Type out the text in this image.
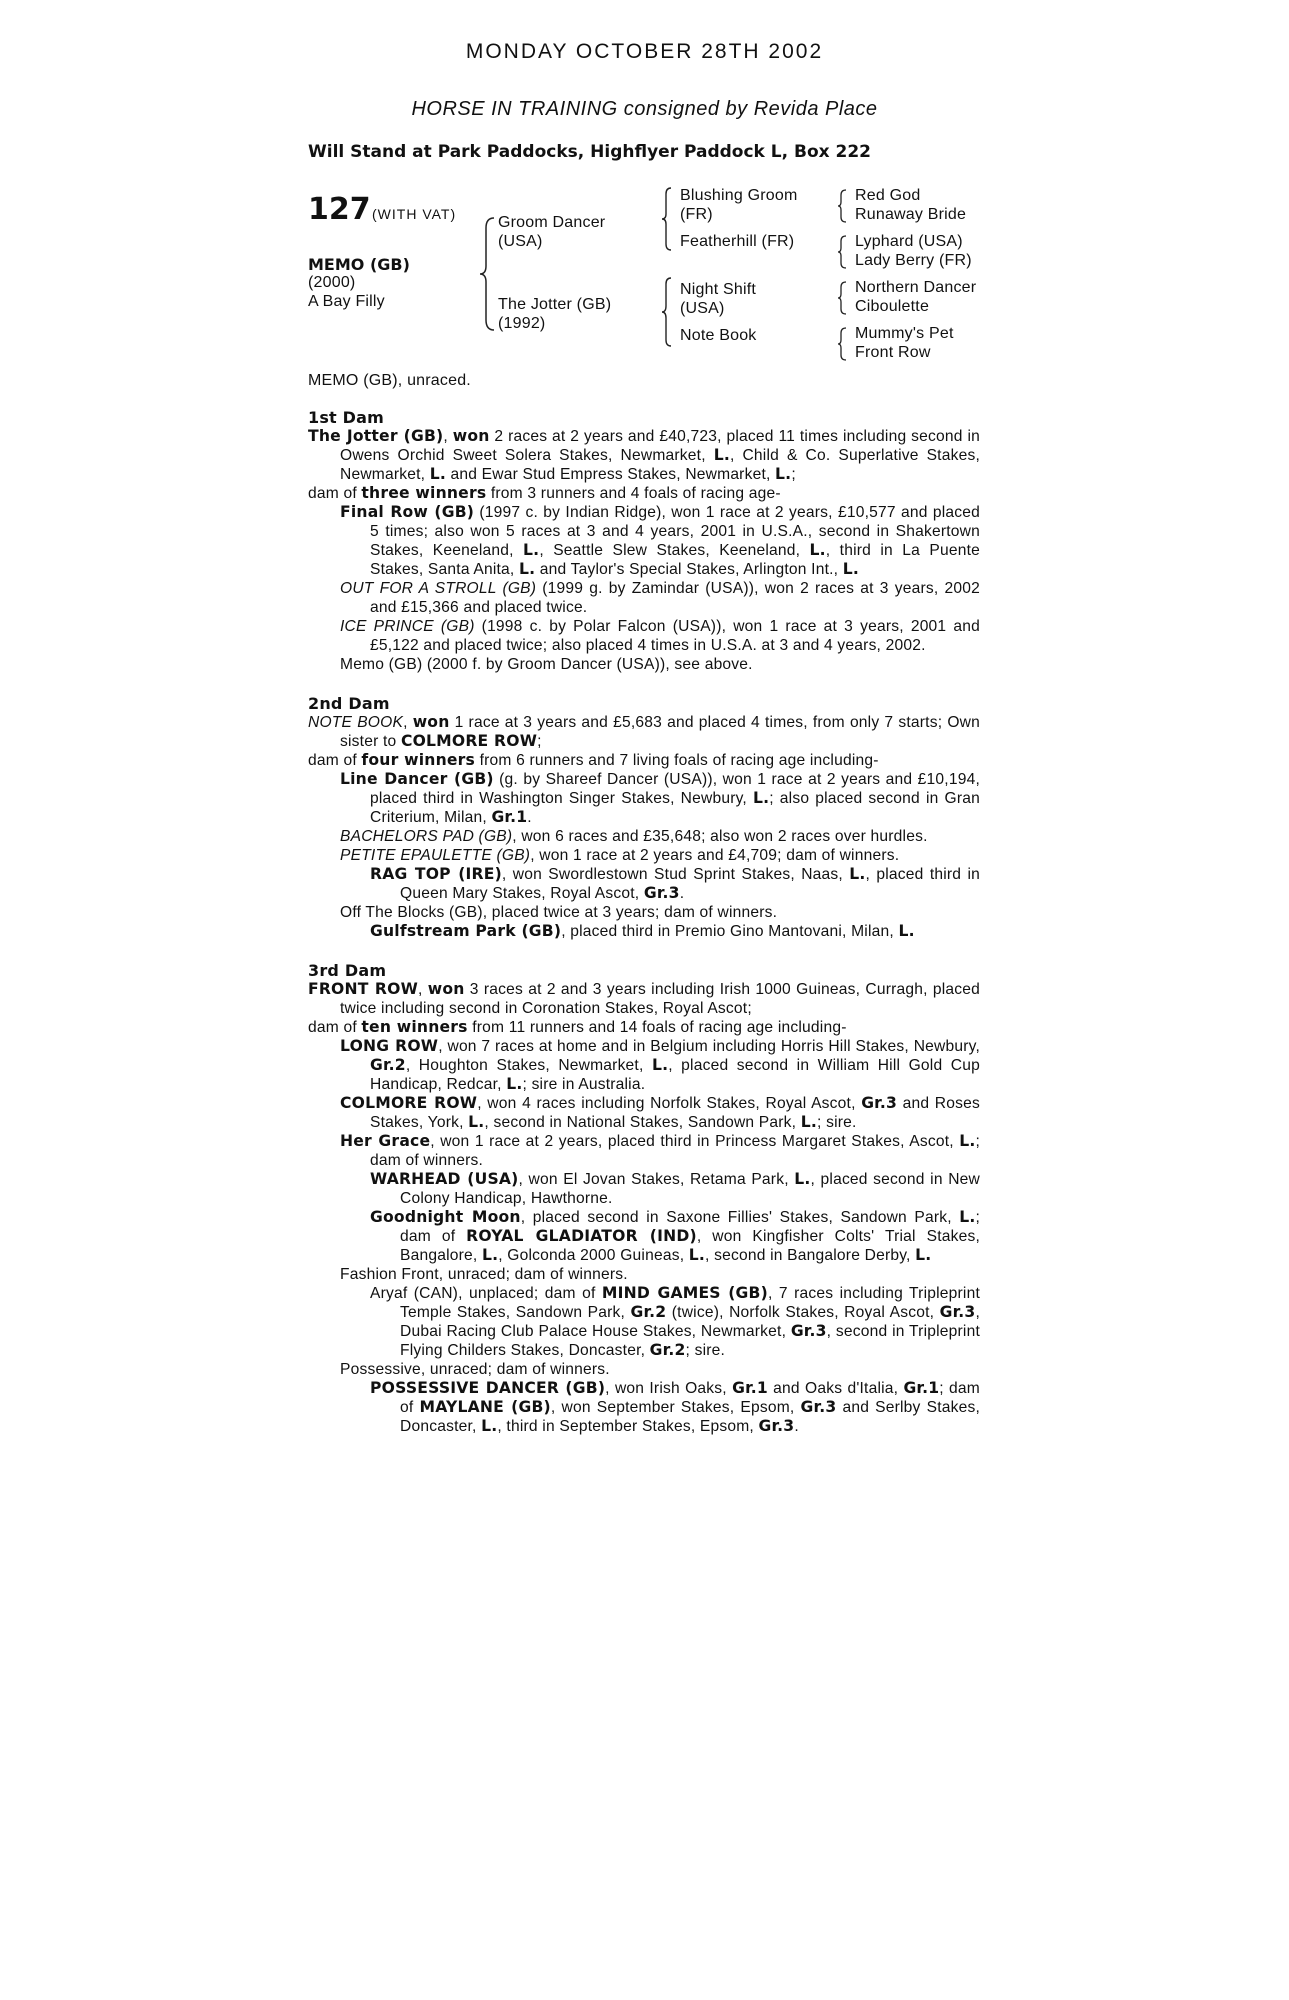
MONDAY OCTOBER 28TH 2002
HORSE IN TRAINING consigned by Revida Place
Will Stand at Park Paddocks, Highflyer Paddock L, Box 222
127 (WITH VAT)
MEMO (GB)
(2000)
A Bay Filly
Groom Dancer
(USA)
The Jotter (GB)
(1992)
Blushing Groom
(FR)
Featherhill (FR)
Night Shift
(USA)
Note Book
Red God
Runaway Bride
Lyphard (USA)
Lady Berry (FR)
Northern Dancer
Ciboulette
Mummy's Pet
Front Row
MEMO (GB), unraced.

1st Dam

The Jotter (GB), won 2 races at 2 years and £40,723, placed 11 times including second in Owens Orchid Sweet Solera Stakes, Newmarket, L., Child & Co. Superlative Stakes, Newmarket, L. and Ewar Stud Empress Stakes, Newmarket, L.;

dam of three winners from 3 runners and 4 foals of racing age-

Final Row (GB) (1997 c. by Indian Ridge), won 1 race at 2 years, £10,577 and placed 5 times; also won 5 races at 3 and 4 years, 2001 in U.S.A., second in Shakertown Stakes, Keeneland, L., Seattle Slew Stakes, Keeneland, L., third in La Puente Stakes, Santa Anita, L. and Taylor's Special Stakes, Arlington Int., L.

OUT FOR A STROLL (GB) (1999 g. by Zamindar (USA)), won 2 races at 3 years, 2002 and £15,366 and placed twice.

ICE PRINCE (GB) (1998 c. by Polar Falcon (USA)), won 1 race at 3 years, 2001 and £5,122 and placed twice; also placed 4 times in U.S.A. at 3 and 4 years, 2002.

Memo (GB) (2000 f. by Groom Dancer (USA)), see above.

2nd Dam

NOTE BOOK, won 1 race at 3 years and £5,683 and placed 4 times, from only 7 starts; Own sister to COLMORE ROW;

dam of four winners from 6 runners and 7 living foals of racing age including-

Line Dancer (GB) (g. by Shareef Dancer (USA)), won 1 race at 2 years and £10,194, placed third in Washington Singer Stakes, Newbury, L.; also placed second in Gran Criterium, Milan, Gr.1.

BACHELORS PAD (GB), won 6 races and £35,648; also won 2 races over hurdles.

PETITE EPAULETTE (GB), won 1 race at 2 years and £4,709; dam of winners.

RAG TOP (IRE), won Swordlestown Stud Sprint Stakes, Naas, L., placed third in Queen Mary Stakes, Royal Ascot, Gr.3.

Off The Blocks (GB), placed twice at 3 years; dam of winners.

Gulfstream Park (GB), placed third in Premio Gino Mantovani, Milan, L.

3rd Dam

FRONT ROW, won 3 races at 2 and 3 years including Irish 1000 Guineas, Curragh, placed twice including second in Coronation Stakes, Royal Ascot;

dam of ten winners from 11 runners and 14 foals of racing age including-

LONG ROW, won 7 races at home and in Belgium including Horris Hill Stakes, Newbury, Gr.2, Houghton Stakes, Newmarket, L., placed second in William Hill Gold Cup Handicap, Redcar, L.; sire in Australia.

COLMORE ROW, won 4 races including Norfolk Stakes, Royal Ascot, Gr.3 and Roses Stakes, York, L., second in National Stakes, Sandown Park, L.; sire.

Her Grace, won 1 race at 2 years, placed third in Princess Margaret Stakes, Ascot, L.; dam of winners.

WARHEAD (USA), won El Jovan Stakes, Retama Park, L., placed second in New Colony Handicap, Hawthorne.

Goodnight Moon, placed second in Saxone Fillies' Stakes, Sandown Park, L.; dam of ROYAL GLADIATOR (IND), won Kingfisher Colts' Trial Stakes, Bangalore, L., Golconda 2000 Guineas, L., second in Bangalore Derby, L.

Fashion Front, unraced; dam of winners.

Aryaf (CAN), unplaced; dam of MIND GAMES (GB), 7 races including Tripleprint Temple Stakes, Sandown Park, Gr.2 (twice), Norfolk Stakes, Royal Ascot, Gr.3, Dubai Racing Club Palace House Stakes, Newmarket, Gr.3, second in Tripleprint Flying Childers Stakes, Doncaster, Gr.2; sire.

Possessive, unraced; dam of winners.

POSSESSIVE DANCER (GB), won Irish Oaks, Gr.1 and Oaks d'Italia, Gr.1; dam of MAYLANE (GB), won September Stakes, Epsom, Gr.3 and Serlby Stakes, Doncaster, L., third in September Stakes, Epsom, Gr.3.
